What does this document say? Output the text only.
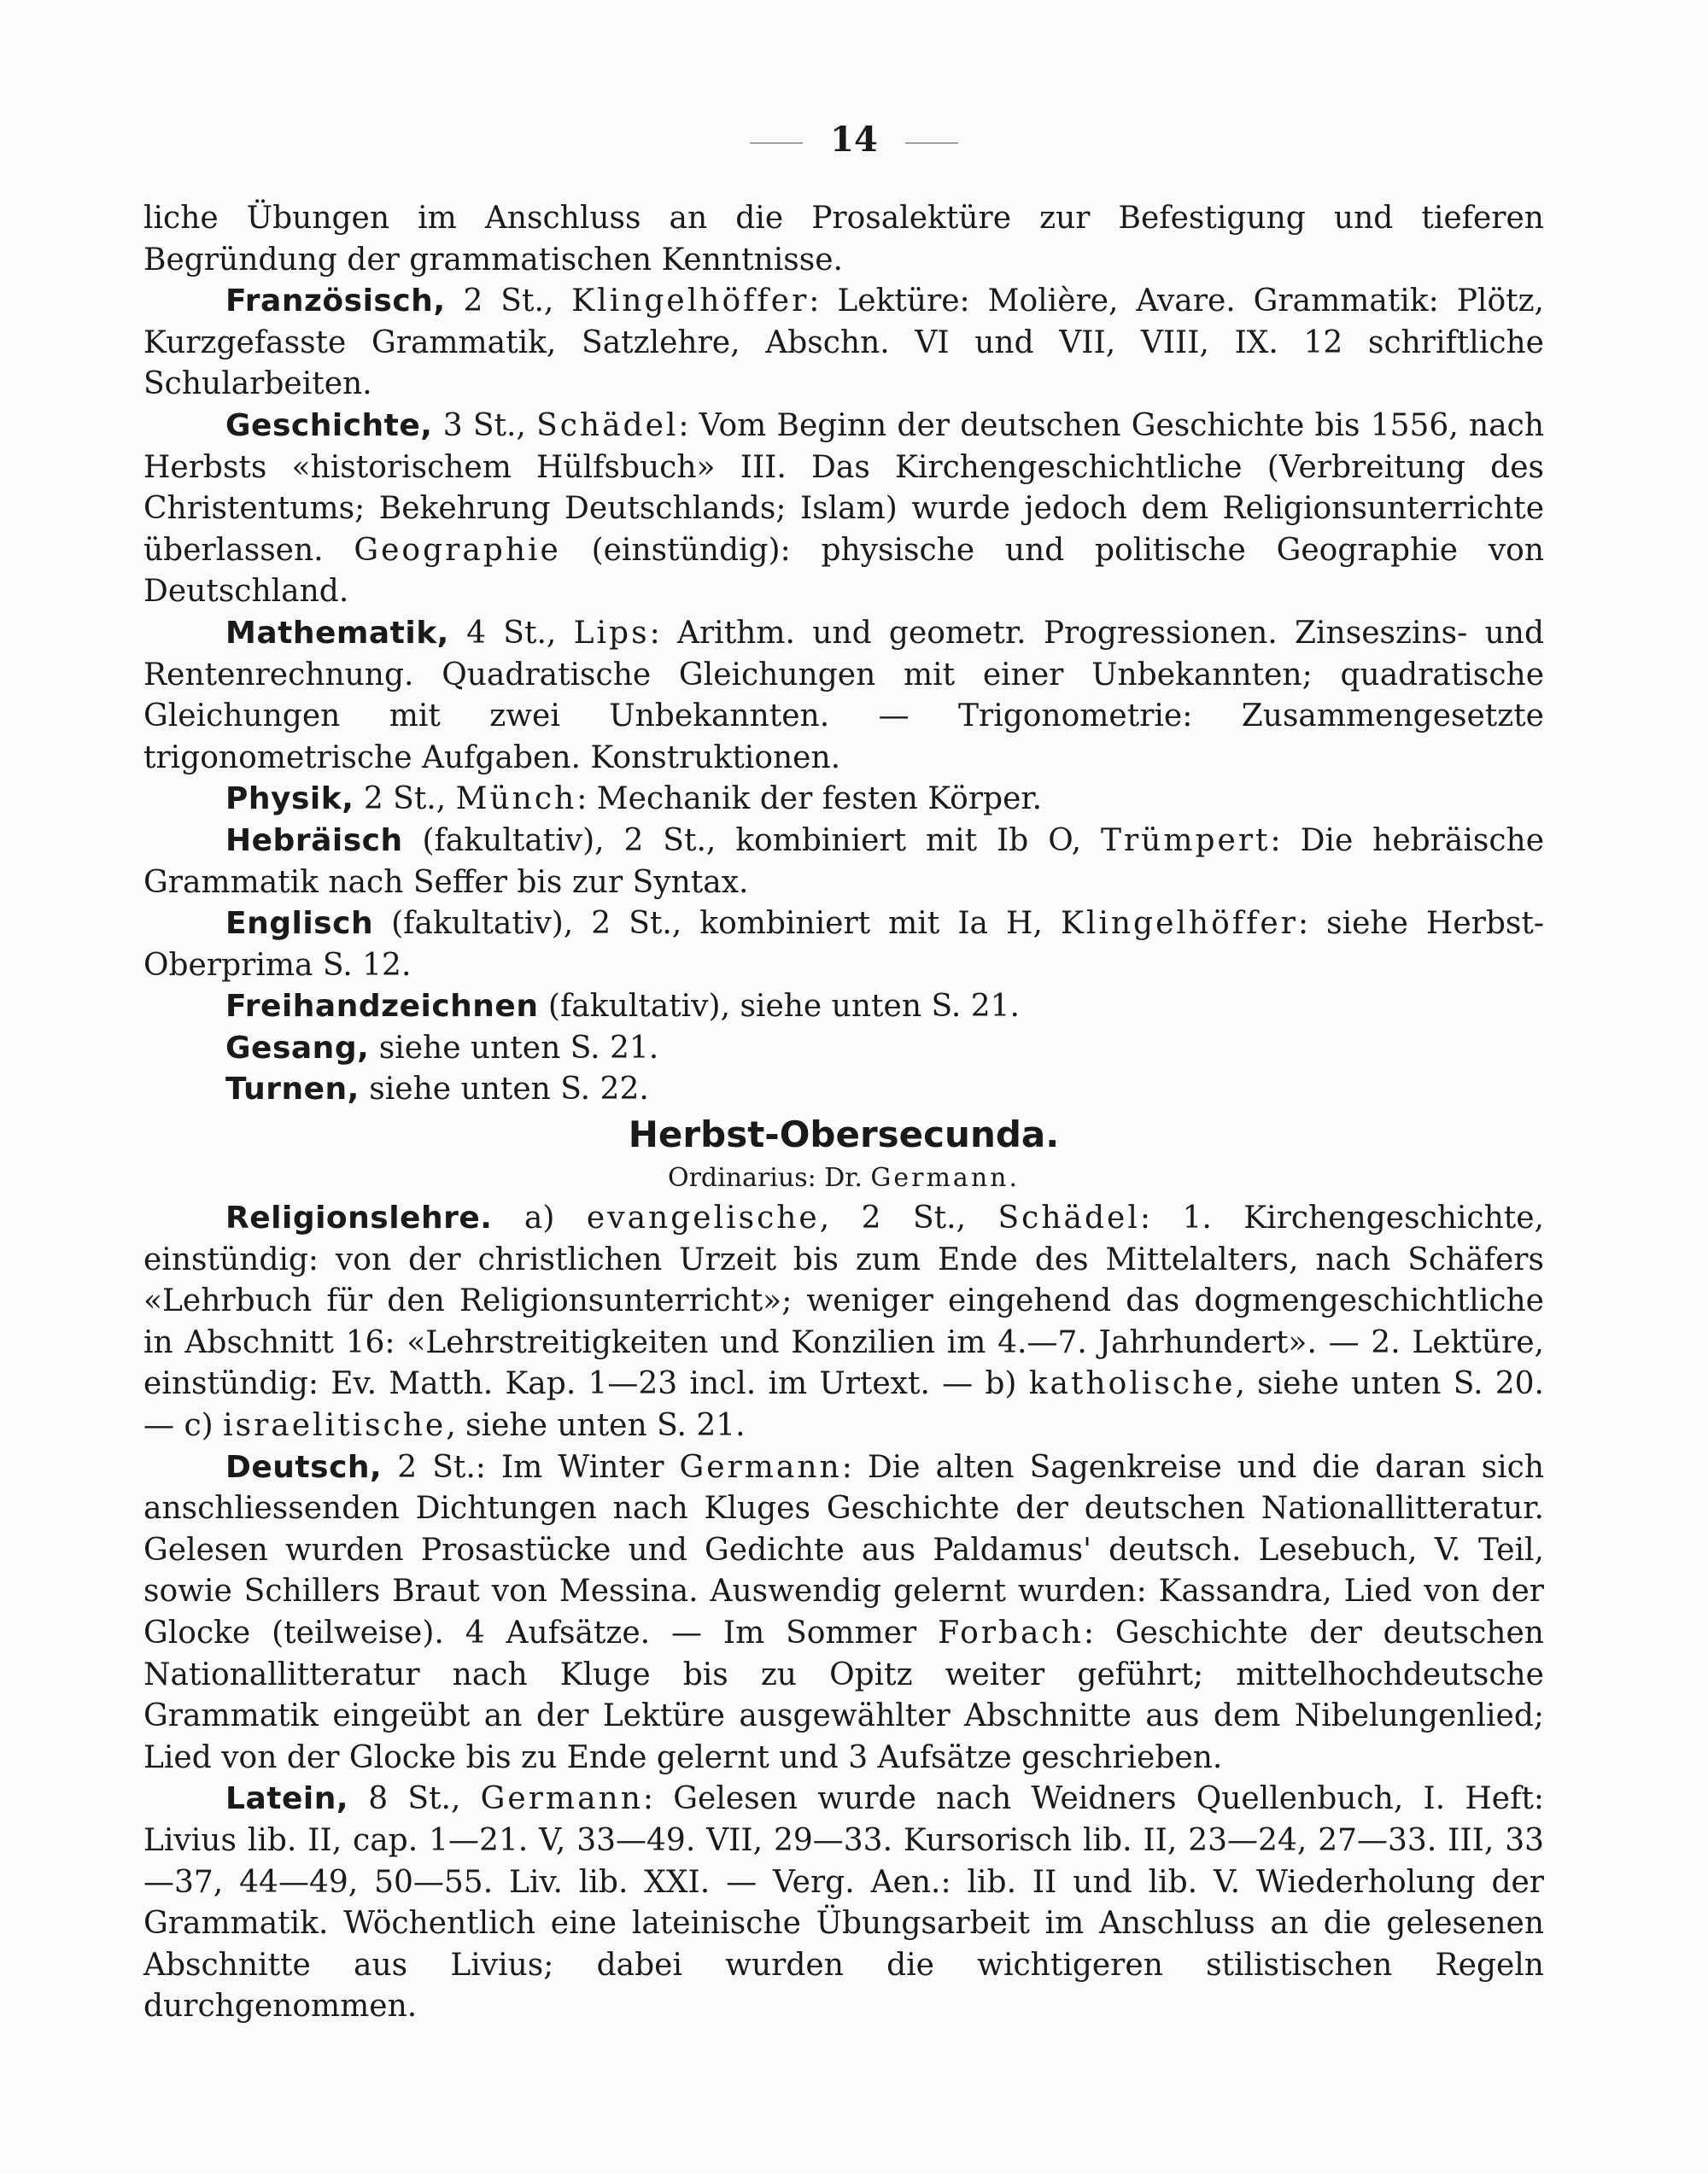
14

liche Übungen im Anschluss an die Prosalektüre zur Befestigung und tieferen Begründung der grammatischen Kenntnisse.

Französisch, 2 St., Klingelhöffer: Lektüre: Molière, Avare. Grammatik: Plötz, Kurzgefasste Grammatik, Satzlehre, Abschn. VI und VII, VIII, IX. 12 schriftliche Schularbeiten.

Geschichte, 3 St., Schädel: Vom Beginn der deutschen Geschichte bis 1556, nach Herbsts «historischem Hülfsbuch» III. Das Kirchengeschichtliche (Verbreitung des Christentums; Bekehrung Deutschlands; Islam) wurde jedoch dem Religionsunterrichte überlassen. Geographie (einstündig): physische und politische Geographie von Deutschland.

Mathematik, 4 St., Lips: Arithm. und geometr. Progressionen. Zinseszins- und Rentenrechnung. Quadratische Gleichungen mit einer Unbekannten; quadratische Gleichungen mit zwei Unbekannten. — Trigonometrie: Zusammengesetzte trigonometrische Aufgaben. Konstruktionen.

Physik, 2 St., Münch: Mechanik der festen Körper.

Hebräisch (fakultativ), 2 St., kombiniert mit Ib O, Trümpert: Die hebräische Grammatik nach Seffer bis zur Syntax.

Englisch (fakultativ), 2 St., kombiniert mit Ia H, Klingelhöffer: siehe Herbst-Oberprima S. 12.

Freihandzeichnen (fakultativ), siehe unten S. 21.

Gesang, siehe unten S. 21.

Turnen, siehe unten S. 22.

Herbst-Obersecunda.

Ordinarius: Dr. Germann.

Religionslehre. a) evangelische, 2 St., Schädel: 1. Kirchengeschichte, einstündig: von der christlichen Urzeit bis zum Ende des Mittelalters, nach Schäfers «Lehrbuch für den Religionsunterricht»; weniger eingehend das dogmengeschichtliche in Abschnitt 16: «Lehrstreitigkeiten und Konzilien im 4.—7. Jahrhundert». — 2. Lektüre, einstündig: Ev. Matth. Kap. 1—23 incl. im Urtext. — b) katholische, siehe unten S. 20. — c) israelitische, siehe unten S. 21.

Deutsch, 2 St.: Im Winter Germann: Die alten Sagenkreise und die daran sich anschliessenden Dichtungen nach Kluges Geschichte der deutschen Nationallitteratur. Gelesen wurden Prosastücke und Gedichte aus Paldamus' deutsch. Lesebuch, V. Teil, sowie Schillers Braut von Messina. Auswendig gelernt wurden: Kassandra, Lied von der Glocke (teilweise). 4 Aufsätze. — Im Sommer Forbach: Geschichte der deutschen Nationallitteratur nach Kluge bis zu Opitz weiter geführt; mittelhochdeutsche Grammatik eingeübt an der Lektüre ausgewählter Abschnitte aus dem Nibelungenlied; Lied von der Glocke bis zu Ende gelernt und 3 Aufsätze geschrieben.

Latein, 8 St., Germann: Gelesen wurde nach Weidners Quellenbuch, I. Heft: Livius lib. II, cap. 1—21. V, 33—49. VII, 29—33. Kursorisch lib. II, 23—24, 27—33. III, 33—37, 44—49, 50—55. Liv. lib. XXI. — Verg. Aen.: lib. II und lib. V. Wiederholung der Grammatik. Wöchentlich eine lateinische Übungsarbeit im Anschluss an die gelesenen Abschnitte aus Livius; dabei wurden die wichtigeren stilistischen Regeln durchgenommen.
